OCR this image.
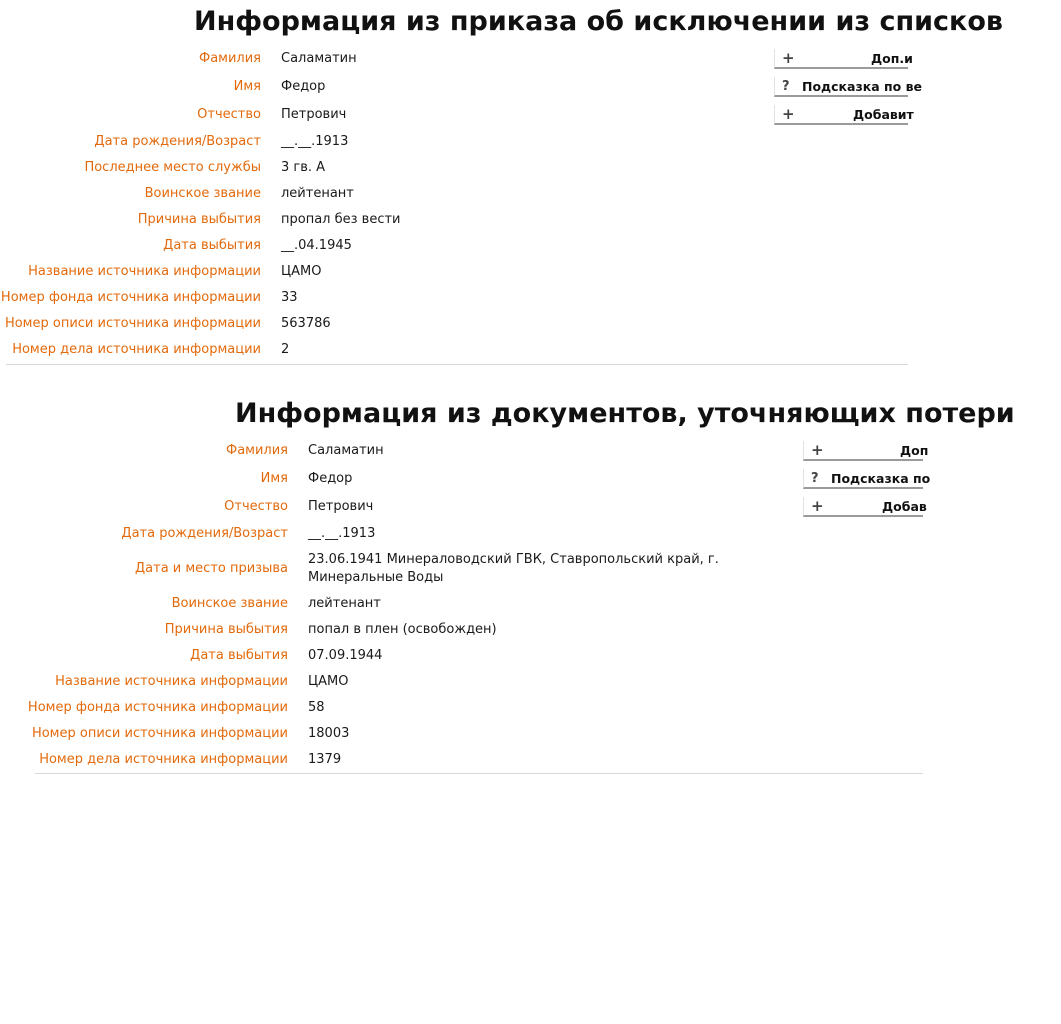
Информация из приказа об исключении из списков
+	Доп.и
? Подсказка по ве
+	Добавит
Фамилия Саламатин
Имя Федор
Отчество Петрович
Дата рождения/Возраст __.__.1913
Последнее место службы 3 гв. А
Воинское звание лейтенант
Причина выбытия пропал без вести
Дата выбытия __.04.1945
Название источника информации ЦАМО
Номер фонда источника информации 33
Номер описи источника информации 563786
Номер дела источника информации 2
Информация из документов, уточняющих потери
+	Доп
? Подсказка по
+	Добав
Фамилия Саламатин
Имя Федор
Отчество Петрович
Дата рождения/Возраст __.__.1913
Дата и место призыва
23.06.1941 Минераловодский ГВК, Ставропольский край, г. Минеральные Воды
Воинское звание лейтенант
Причина выбытия попал в плен (освобожден)
Дата выбытия 07.09.1944
Название источника информации ЦАМО
Номер фонда источника информации 58
Номер описи источника информации 18003
Номер дела источника информации 1379
